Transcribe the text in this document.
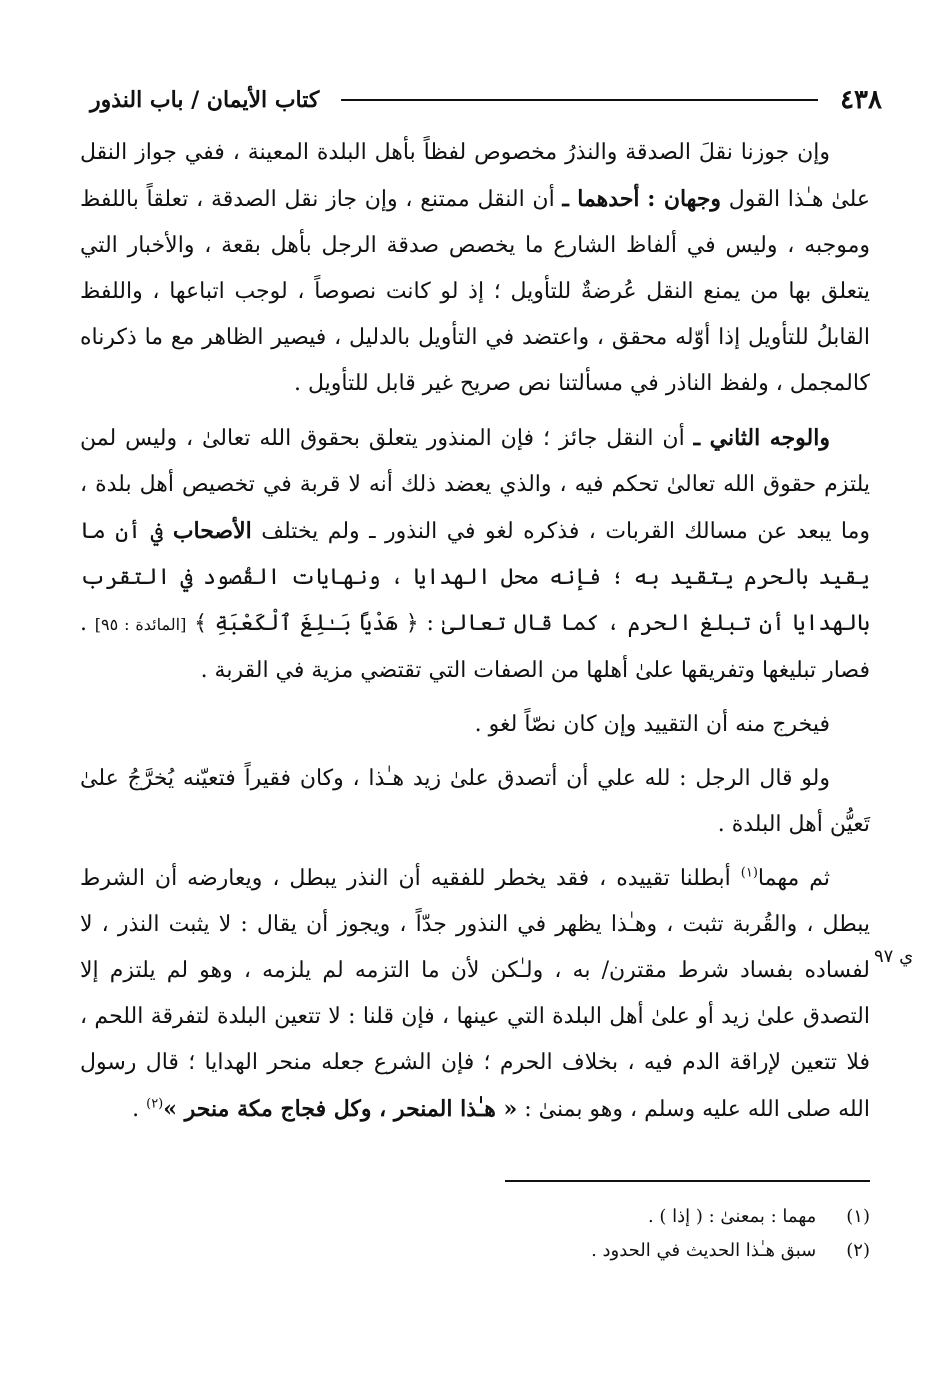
٤٣٨
كتاب الأيمان / باب النذور
ي ٩٧

وإن جوزنا نقلَ الصدقة والنذرُ مخصوص لفظاً بأهل البلدة المعينة ، ففي جواز النقل علىٰ هـٰذا القول وجهان : أحدهما ـ أن النقل ممتنع ، وإن جاز نقل الصدقة ، تعلقاً باللفظ وموجبه ، وليس في ألفاظ الشارع ما يخصص صدقة الرجل بأهل بقعة ، والأخبار التي يتعلق بها من يمنع النقل عُرضةٌ للتأويل ؛ إذ لو كانت نصوصاً ، لوجب اتباعها ، واللفظ القابلُ للتأويل إذا أوّله محقق ، واعتضد في التأويل بالدليل ، فيصير الظاهر مع ما ذكرناه كالمجمل ، ولفظ الناذر في مسألتنا نص صريح غير قابل للتأويل .

والوجه الثاني ـ أن النقل جائز ؛ فإن المنذور يتعلق بحقوق الله تعالىٰ ، وليس لمن يلتزم حقوق الله تعالىٰ تحكم فيه ، والذي يعضد ذلك أنه لا قربة في تخصيص أهل بلدة ، وما يبعد عن مسالك القربات ، فذكره لغو في النذور ـ ولم يختلف الأصحاب في أن ما يقيد بالحرم يتقيد به ؛ فإنه محل الهدايا ، ونهايات القُصود في التقرب بالهدايا أن تبلغ الحرم ، كما قال تعالىٰ : ﴿ هَدْيًا بَـٰلِغَ ٱلْكَعْبَةِ ﴾ [المائدة : ٩٥] . فصار تبليغها وتفريقها علىٰ أهلها من الصفات التي تقتضي مزية في القربة .

فيخرج منه أن التقييد وإن كان نصّاً لغو .

ولو قال الرجل : لله علي أن أتصدق علىٰ زيد هـٰذا ، وكان فقيراً فتعيّنه يُخرَّجُ علىٰ تَعيُّن أهل البلدة .

ثم مهما$^{(١)}$ أبطلنا تقييده ، فقد يخطر للفقيه أن النذر يبطل ، ويعارضه أن الشرط يبطل ، والقُربة تثبت ، وهـٰذا يظهر في النذور جدّاً ، ويجوز أن يقال : لا يثبت النذر ، لا لفساده بفساد شرط مقترن/ به ، ولـٰكن لأن ما التزمه لم يلزمه ، وهو لم يلتزم إلا التصدق علىٰ زيد أو علىٰ أهل البلدة التي عينها ، فإن قلنا : لا تتعين البلدة لتفرقة اللحم ، فلا تتعين لإراقة الدم فيه ، بخلاف الحرم ؛ فإن الشرع جعله منحر الهدايا ؛ قال رسول الله صلى الله عليه وسلم ، وهو بمنىٰ : « هـٰذا المنحر ، وكل فجاج مكة منحر »$^{(٢)}$ .

(١) مهما : بمعنىٰ : ( إذا ) .

(٢) سبق هـٰذا الحديث في الحدود .
